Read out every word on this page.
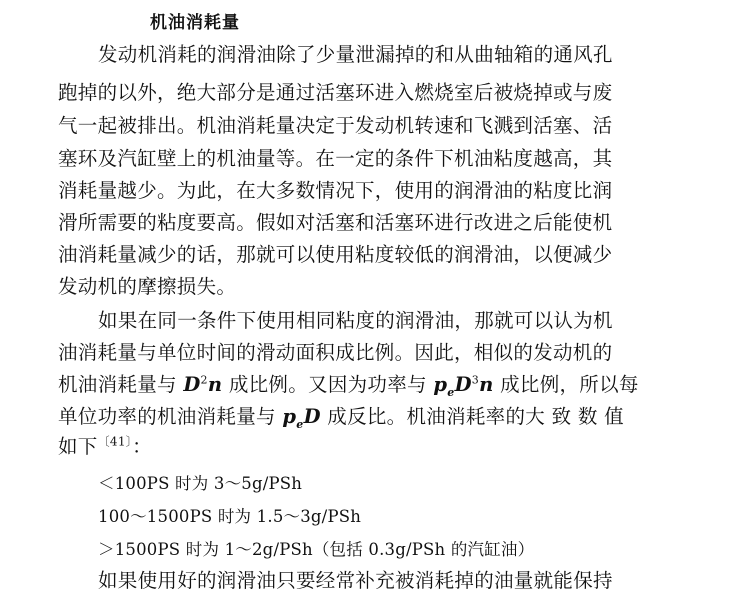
机油消耗量
发动机消耗的润滑油除了少量泄漏掉的和从曲轴箱的通风孔
跑掉的以外，绝大部分是通过活塞环进入燃烧室后被烧掉或与废
气一起被排出。机油消耗量决定于发动机转速和飞溅到活塞、活
塞环及汽缸壁上的机油量等。在一定的条件下机油粘度越高，其
消耗量越少。为此，在大多数情况下，使用的润滑油的粘度比润
滑所需要的粘度要高。假如对活塞和活塞环进行改进之后能使机
油消耗量减少的话，那就可以使用粘度较低的润滑油，以便减少
发动机的摩擦损失。
如果在同一条件下使用相同粘度的润滑油，那就可以认为机
油消耗量与单位时间的滑动面积成比例。因此，相似的发动机的
机油消耗量与 $D^2n$ 成比例。又因为功率与 $p_eD^3n$ 成比例，所以每
单位功率的机油消耗量与 $p_eD$ 成反比。机油消耗率的大 致 数 值
如下$^{〔41〕}$：
＜100PS 时为 3～5g/PSh
100～1500PS 时为 1.5～3g/PSh
＞1500PS 时为 1～2g/PSh（包括 0.3g/PSh 的汽缸油）
如果使用好的润滑油只要经常补充被消耗掉的油量就能保持
